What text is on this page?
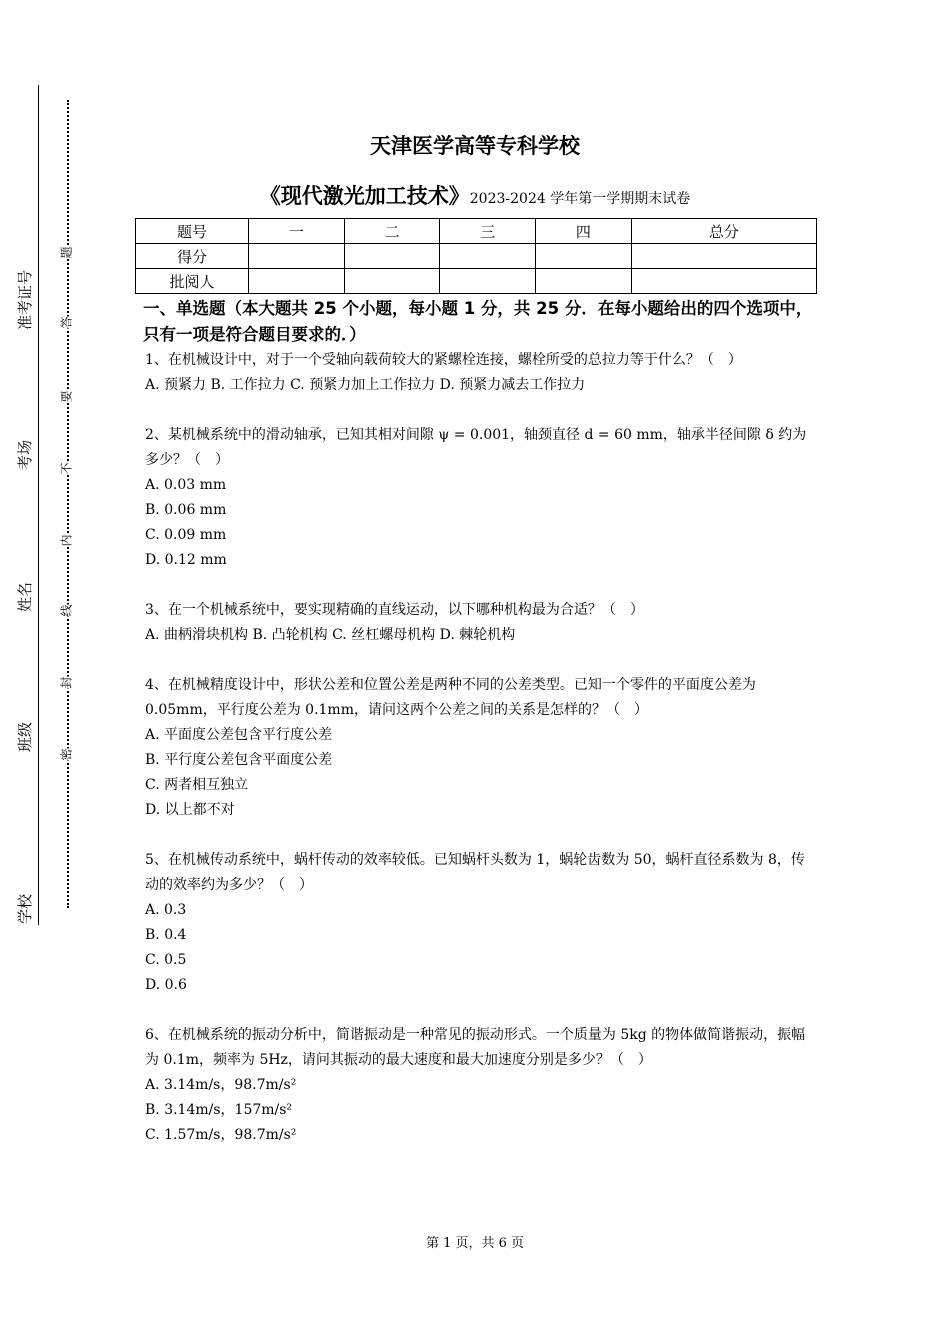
准考证号
考场
姓名
班级
学校
题
答
要
不
内
线
封
密
天津医学高等专科学校
《现代激光加工技术》2023-2024 学年第一学期期末试卷
题号	一	二	三	四	总分
得分					
批阅人					
一、单选题（本大题共 25 个小题，每小题 1 分，共 25 分．在每小题给出的四个选项中，只有一项是符合题目要求的．）
1、在机械设计中，对于一个受轴向载荷较大的紧螺栓连接，螺栓所受的总拉力等于什么？（　）
A. 预紧力 B. 工作拉力 C. 预紧力加上工作拉力 D. 预紧力减去工作拉力
2、某机械系统中的滑动轴承，已知其相对间隙 ψ = 0.001，轴颈直径 d = 60 mm，轴承半径间隙 δ 约为多少？（　）
A. 0.03 mm
B. 0.06 mm
C. 0.09 mm
D. 0.12 mm
3、在一个机械系统中，要实现精确的直线运动，以下哪种机构最为合适？（　）
A. 曲柄滑块机构 B. 凸轮机构 C. 丝杠螺母机构 D. 棘轮机构
4、在机械精度设计中，形状公差和位置公差是两种不同的公差类型。已知一个零件的平面度公差为 0.05mm，平行度公差为 0.1mm，请问这两个公差之间的关系是怎样的？（　）
A. 平面度公差包含平行度公差
B. 平行度公差包含平面度公差
C. 两者相互独立
D. 以上都不对
5、在机械传动系统中，蜗杆传动的效率较低。已知蜗杆头数为 1，蜗轮齿数为 50，蜗杆直径系数为 8，传动的效率约为多少？（　）
A. 0.3
B. 0.4
C. 0.5
D. 0.6
6、在机械系统的振动分析中，简谐振动是一种常见的振动形式。一个质量为 5kg 的物体做简谐振动，振幅为 0.1m，频率为 5Hz，请问其振动的最大速度和最大加速度分别是多少？（　）
A. 3.14m/s，98.7m/s²
B. 3.14m/s，157m/s²
C. 1.57m/s，98.7m/s²
第 1 页，共 6 页
